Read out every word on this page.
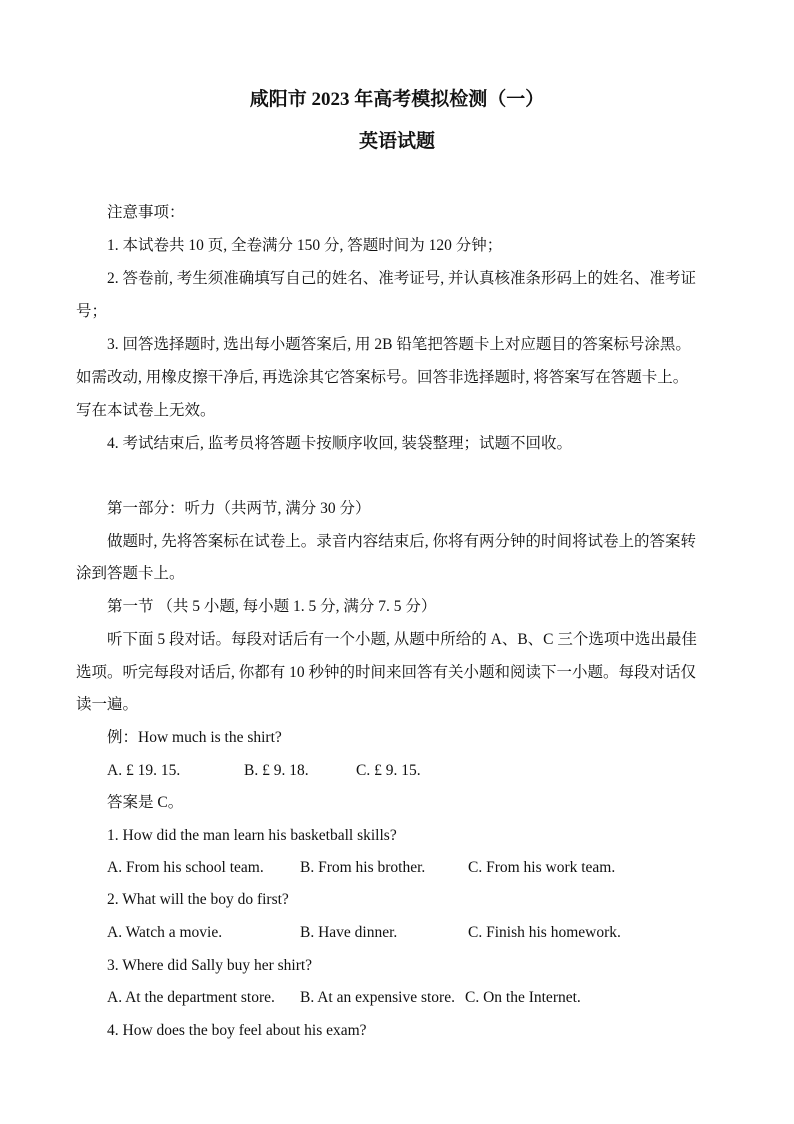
咸阳市 2023 年高考模拟检测（一）
英语试题
注意事项：
1. 本试卷共 10 页, 全卷满分 150 分, 答题时间为 120 分钟；
2. 答卷前, 考生须准确填写自己的姓名、准考证号, 并认真核准条形码上的姓名、准考证
号；
3. 回答选择题时, 选出每小题答案后, 用 2B 铅笔把答题卡上对应题目的答案标号涂黑。
如需改动, 用橡皮擦干净后, 再选涂其它答案标号。回答非选择题时, 将答案写在答题卡上。
写在本试卷上无效。
4. 考试结束后, 监考员将答题卡按顺序收回, 装袋整理；试题不回收。
第一部分：听力（共两节, 满分 30 分）
做题时, 先将答案标在试卷上。录音内容结束后, 你将有两分钟的时间将试卷上的答案转
涂到答题卡上。
第一节 （共 5 小题, 每小题 1. 5 分, 满分 7. 5 分）
听下面 5 段对话。每段对话后有一个小题, 从题中所给的 A、B、C 三个选项中选出最佳
选项。听完每段对话后, 你都有 10 秒钟的时间来回答有关小题和阅读下一小题。每段对话仅
读一遍。
例：How much is the shirt?
A. £ 19. 15.	B. £ 9. 18.	C. £ 9. 15.
答案是 C。
1. How did the man learn his basketball skills?
A. From his school team. B. From his brother.	C. From his work team.
2. What will the boy do first?
A. Watch a movie.	B. Have dinner.	C. Finish his homework.
3. Where did Sally buy her shirt?
A. At the department store. B. At an expensive store. C. On the Internet.
4. How does the boy feel about his exam?
